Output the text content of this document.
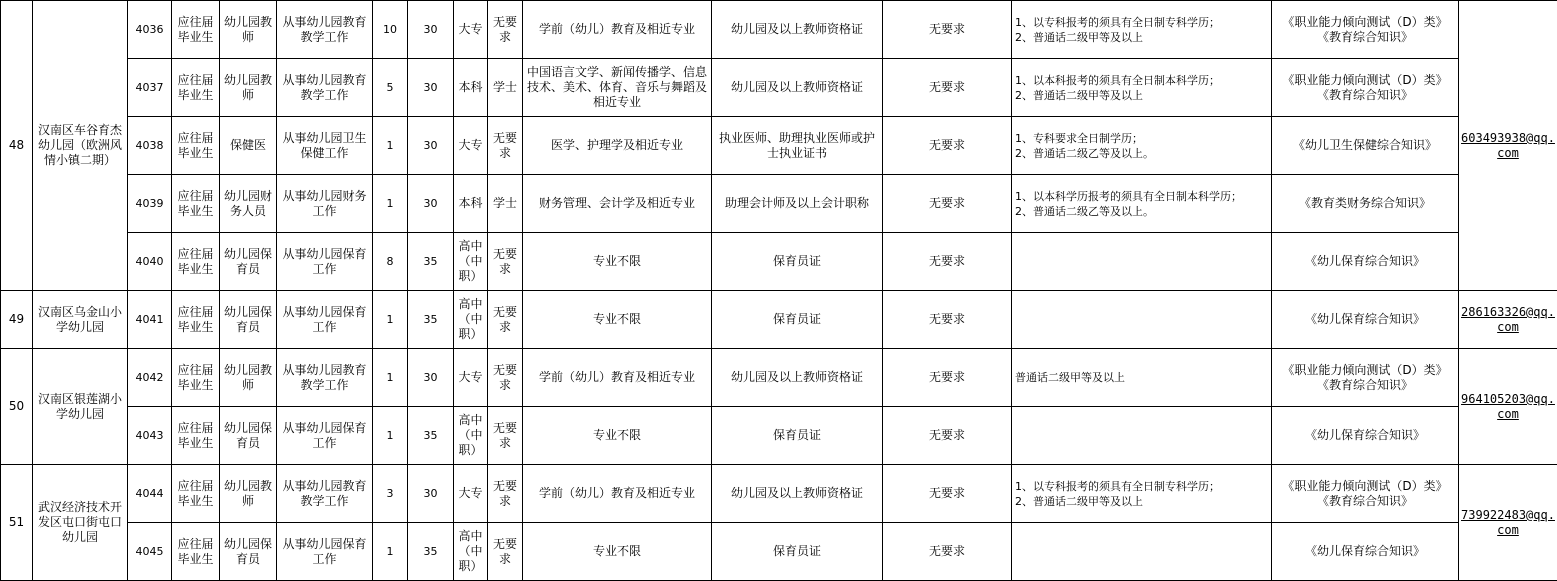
48	汉南区车谷育杰幼儿园（欧洲风情小镇二期）	4036	应往届毕业生	幼儿园教师	从事幼儿园教育教学工作	10	30	大专	无要求	学前（幼儿）教育及相近专业	幼儿园及以上教师资格证	无要求	1、以专科报考的须具有全日制专科学历；
2、普通话二级甲等及以上	《职业能力倾向测试（D）类》《教育综合知识》	603493938@qq.com
		4037	应往届毕业生	幼儿园教师	从事幼儿园教育教学工作	5	30	本科	学士	中国语言文学、新闻传播学、信息技术、美术、体育、音乐与舞蹈及相近专业	幼儿园及以上教师资格证	无要求	1、以本科报考的须具有全日制本科学历；
2、普通话二级甲等及以上	《职业能力倾向测试（D）类》《教育综合知识》	
		4038	应往届毕业生	保健医	从事幼儿园卫生保健工作	1	30	大专	无要求	医学、护理学及相近专业	执业医师、助理执业医师或护士执业证书	无要求	1、专科要求全日制学历；
2、普通话二级乙等及以上。	《幼儿卫生保健综合知识》	
		4039	应往届毕业生	幼儿园财务人员	从事幼儿园财务工作	1	30	本科	学士	财务管理、会计学及相近专业	助理会计师及以上会计职称	无要求	1、以本科学历报考的须具有全日制本科学历；
2、普通话二级乙等及以上。	《教育类财务综合知识》	
		4040	应往届毕业生	幼儿园保育员	从事幼儿园保育工作	8	35	高中（中职）	无要求	专业不限	保育员证	无要求		《幼儿保育综合知识》	
49	汉南区乌金山小学幼儿园	4041	应往届毕业生	幼儿园保育员	从事幼儿园保育工作	1	35	高中（中职）	无要求	专业不限	保育员证	无要求		《幼儿保育综合知识》	286163326@qq.com
50	汉南区银莲湖小学幼儿园	4042	应往届毕业生	幼儿园教师	从事幼儿园教育教学工作	1	30	大专	无要求	学前（幼儿）教育及相近专业	幼儿园及以上教师资格证	无要求	普通话二级甲等及以上	《职业能力倾向测试（D）类》《教育综合知识》	964105203@qq.com
		4043	应往届毕业生	幼儿园保育员	从事幼儿园保育工作	1	35	高中（中职）	无要求	专业不限	保育员证	无要求		《幼儿保育综合知识》	
51	武汉经济技术开发区屯口街屯口幼儿园	4044	应往届毕业生	幼儿园教师	从事幼儿园教育教学工作	3	30	大专	无要求	学前（幼儿）教育及相近专业	幼儿园及以上教师资格证	无要求	1、以专科报考的须具有全日制专科学历；
2、普通话二级甲等及以上	《职业能力倾向测试（D）类》《教育综合知识》	739922483@qq.com
		4045	应往届毕业生	幼儿园保育员	从事幼儿园保育工作	1	35	高中（中职）	无要求	专业不限	保育员证	无要求		《幼儿保育综合知识》	
